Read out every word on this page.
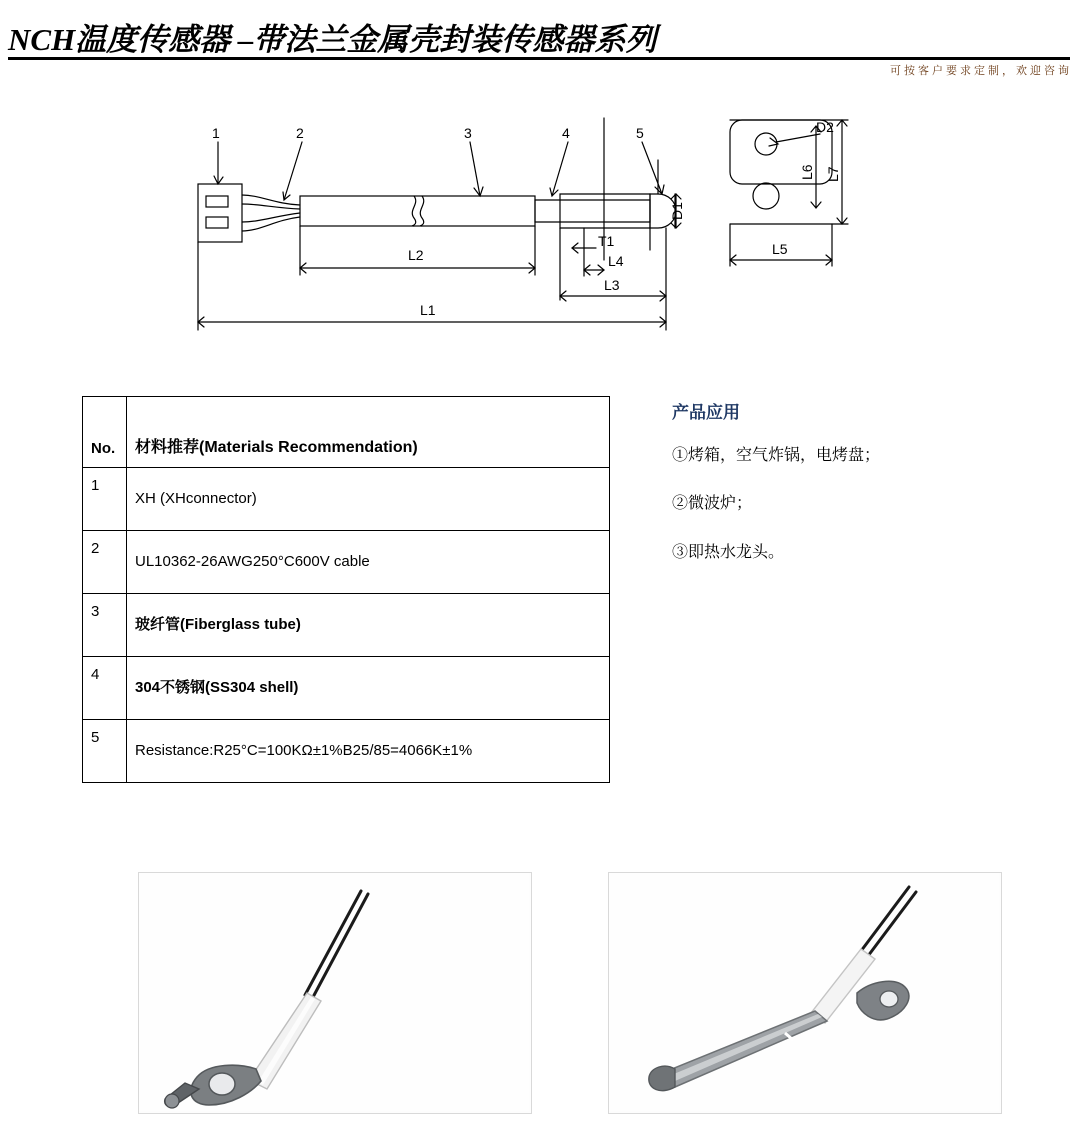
NCH温度传感器 –带法兰金属壳封装传感器系列
可按客户要求定制，欢迎咨询
1	2	3	4	5
L2
L1
L3
L4
T1	L5
D2
D1
L6 L7
No.	材料推荐(Materials Recommendation)
1	XH (XHconnector)
2	UL10362-26AWG250°C600V cable
3	玻纤管(Fiberglass tube)
4	304不锈钢(SS304 shell)
5	Resistance:R25°C=100KΩ±1%B25/85=4066K±1%
产品应用
①烤箱，空气炸锅，电烤盘；
②微波炉；
③即热水龙头。
